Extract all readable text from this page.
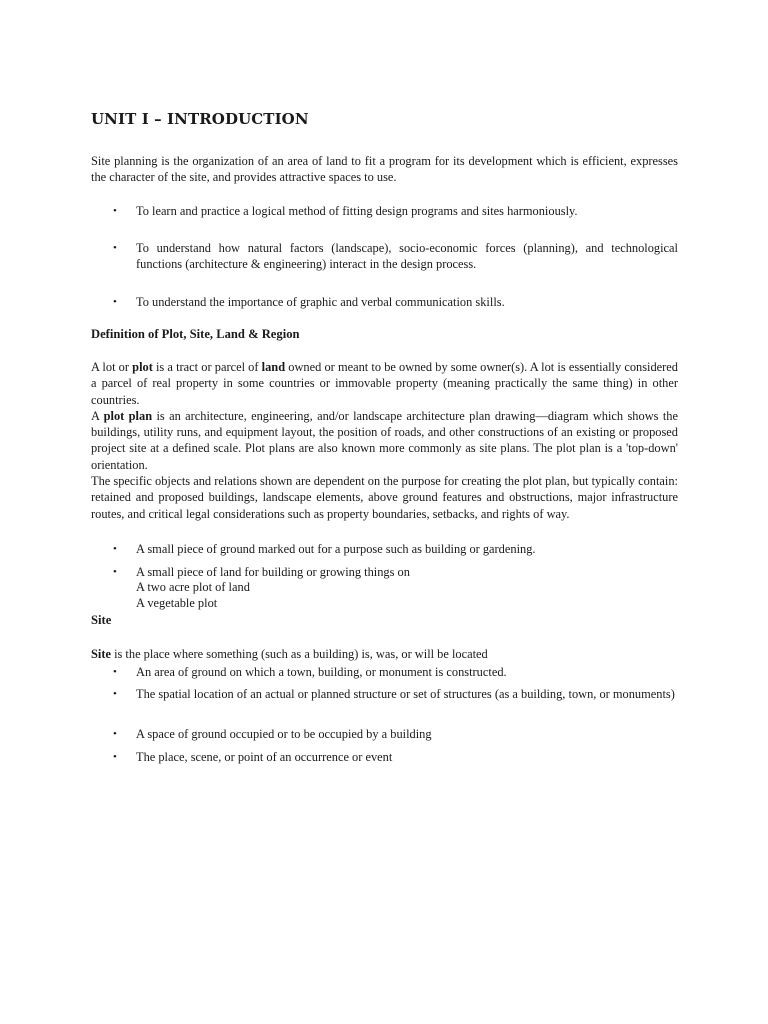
UNIT I – INTRODUCTION
Site planning is the organization of an area of land to fit a program for its development which is efficient, expresses the character of the site, and provides attractive spaces to use.
• To learn and practice a logical method of fitting design programs and sites harmoniously.
• To understand how natural factors (landscape), socio-economic forces (planning), and technological functions (architecture & engineering) interact in the design process.
• To understand the importance of graphic and verbal communication skills.
Definition of Plot, Site, Land & Region
A lot or plot is a tract or parcel of land owned or meant to be owned by some owner(s). A lot is essentially considered a parcel of real property in some countries or immovable property (meaning practically the same thing) in other countries.
A plot plan is an architecture, engineering, and/or landscape architecture plan drawing—diagram which shows the buildings, utility runs, and equipment layout, the position of roads, and other constructions of an existing or proposed project site at a defined scale. Plot plans are also known more commonly as site plans. The plot plan is a 'top-down' orientation.
The specific objects and relations shown are dependent on the purpose for creating the plot plan, but typically contain: retained and proposed buildings, landscape elements, above ground features and obstructions, major infrastructure routes, and critical legal considerations such as property boundaries, setbacks, and rights of way.
• A small piece of ground marked out for a purpose such as building or gardening.
• A small piece of land for building or growing things on
A two acre plot of land
A vegetable plot
Site
Site is the place where something (such as a building) is, was, or will be located
• An area of ground on which a town, building, or monument is constructed.
• The spatial location of an actual or planned structure or set of structures (as a building, town, or monuments)
• A space of ground occupied or to be occupied by a building
• The place, scene, or point of an occurrence or event
